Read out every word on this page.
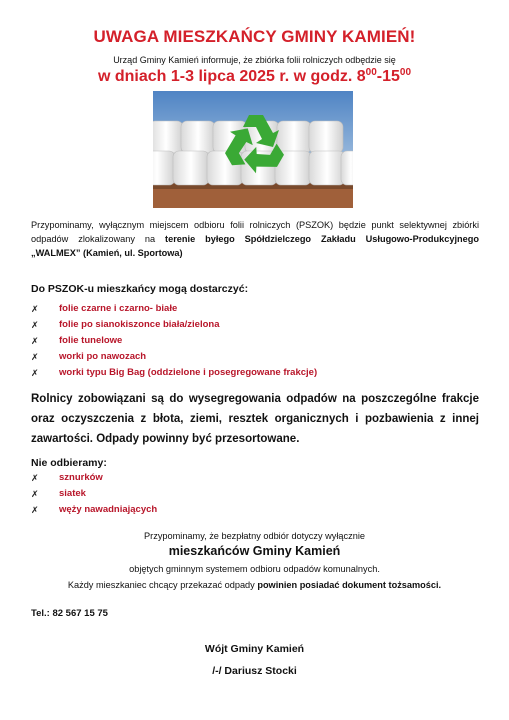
UWAGA MIESZKAŃCY GMINY KAMIEŃ!
Urząd Gminy Kamień informuje, że zbiórka folii rolniczych odbędzie się
w dniach 1-3 lipca 2025 r. w godz. $8^{00}-15^{00}$
Przypominamy, wyłącznym miejscem odbioru folii rolniczych (PSZOK) będzie punkt selektywnej zbiórki odpadów zlokalizowany na terenie byłego Spółdzielczego Zakładu Usługowo-Produkcyjnego „WALMEX” (Kamień, ul. Sportowa)
Do PSZOK-u mieszkańcy mogą dostarczyć:
✗	folie czarne i czarno- białe
✗	folie po sianokiszonce biała/zielona
✗	folie tunelowe
✗	worki po nawozach
✗	worki typu Big Bag (oddzielone i posegregowane frakcje)
Rolnicy zobowiązani są do wysegregowania odpadów na poszczególne frakcje oraz oczyszczenia z błota, ziemi, resztek organicznych i pozbawienia z innej zawartości. Odpady powinny być przesortowane.
Nie odbieramy:
✗	sznurków
✗	siatek
✗	węży nawadniających
Przypominamy, że bezpłatny odbiór dotyczy wyłącznie
mieszkańców Gminy Kamień
objętych gminnym systemem odbioru odpadów komunalnych.
Każdy mieszkaniec chcący przekazać odpady powinien posiadać dokument tożsamości.
Tel.: 82 567 15 75
Wójt Gminy Kamień
/-/ Dariusz Stocki
